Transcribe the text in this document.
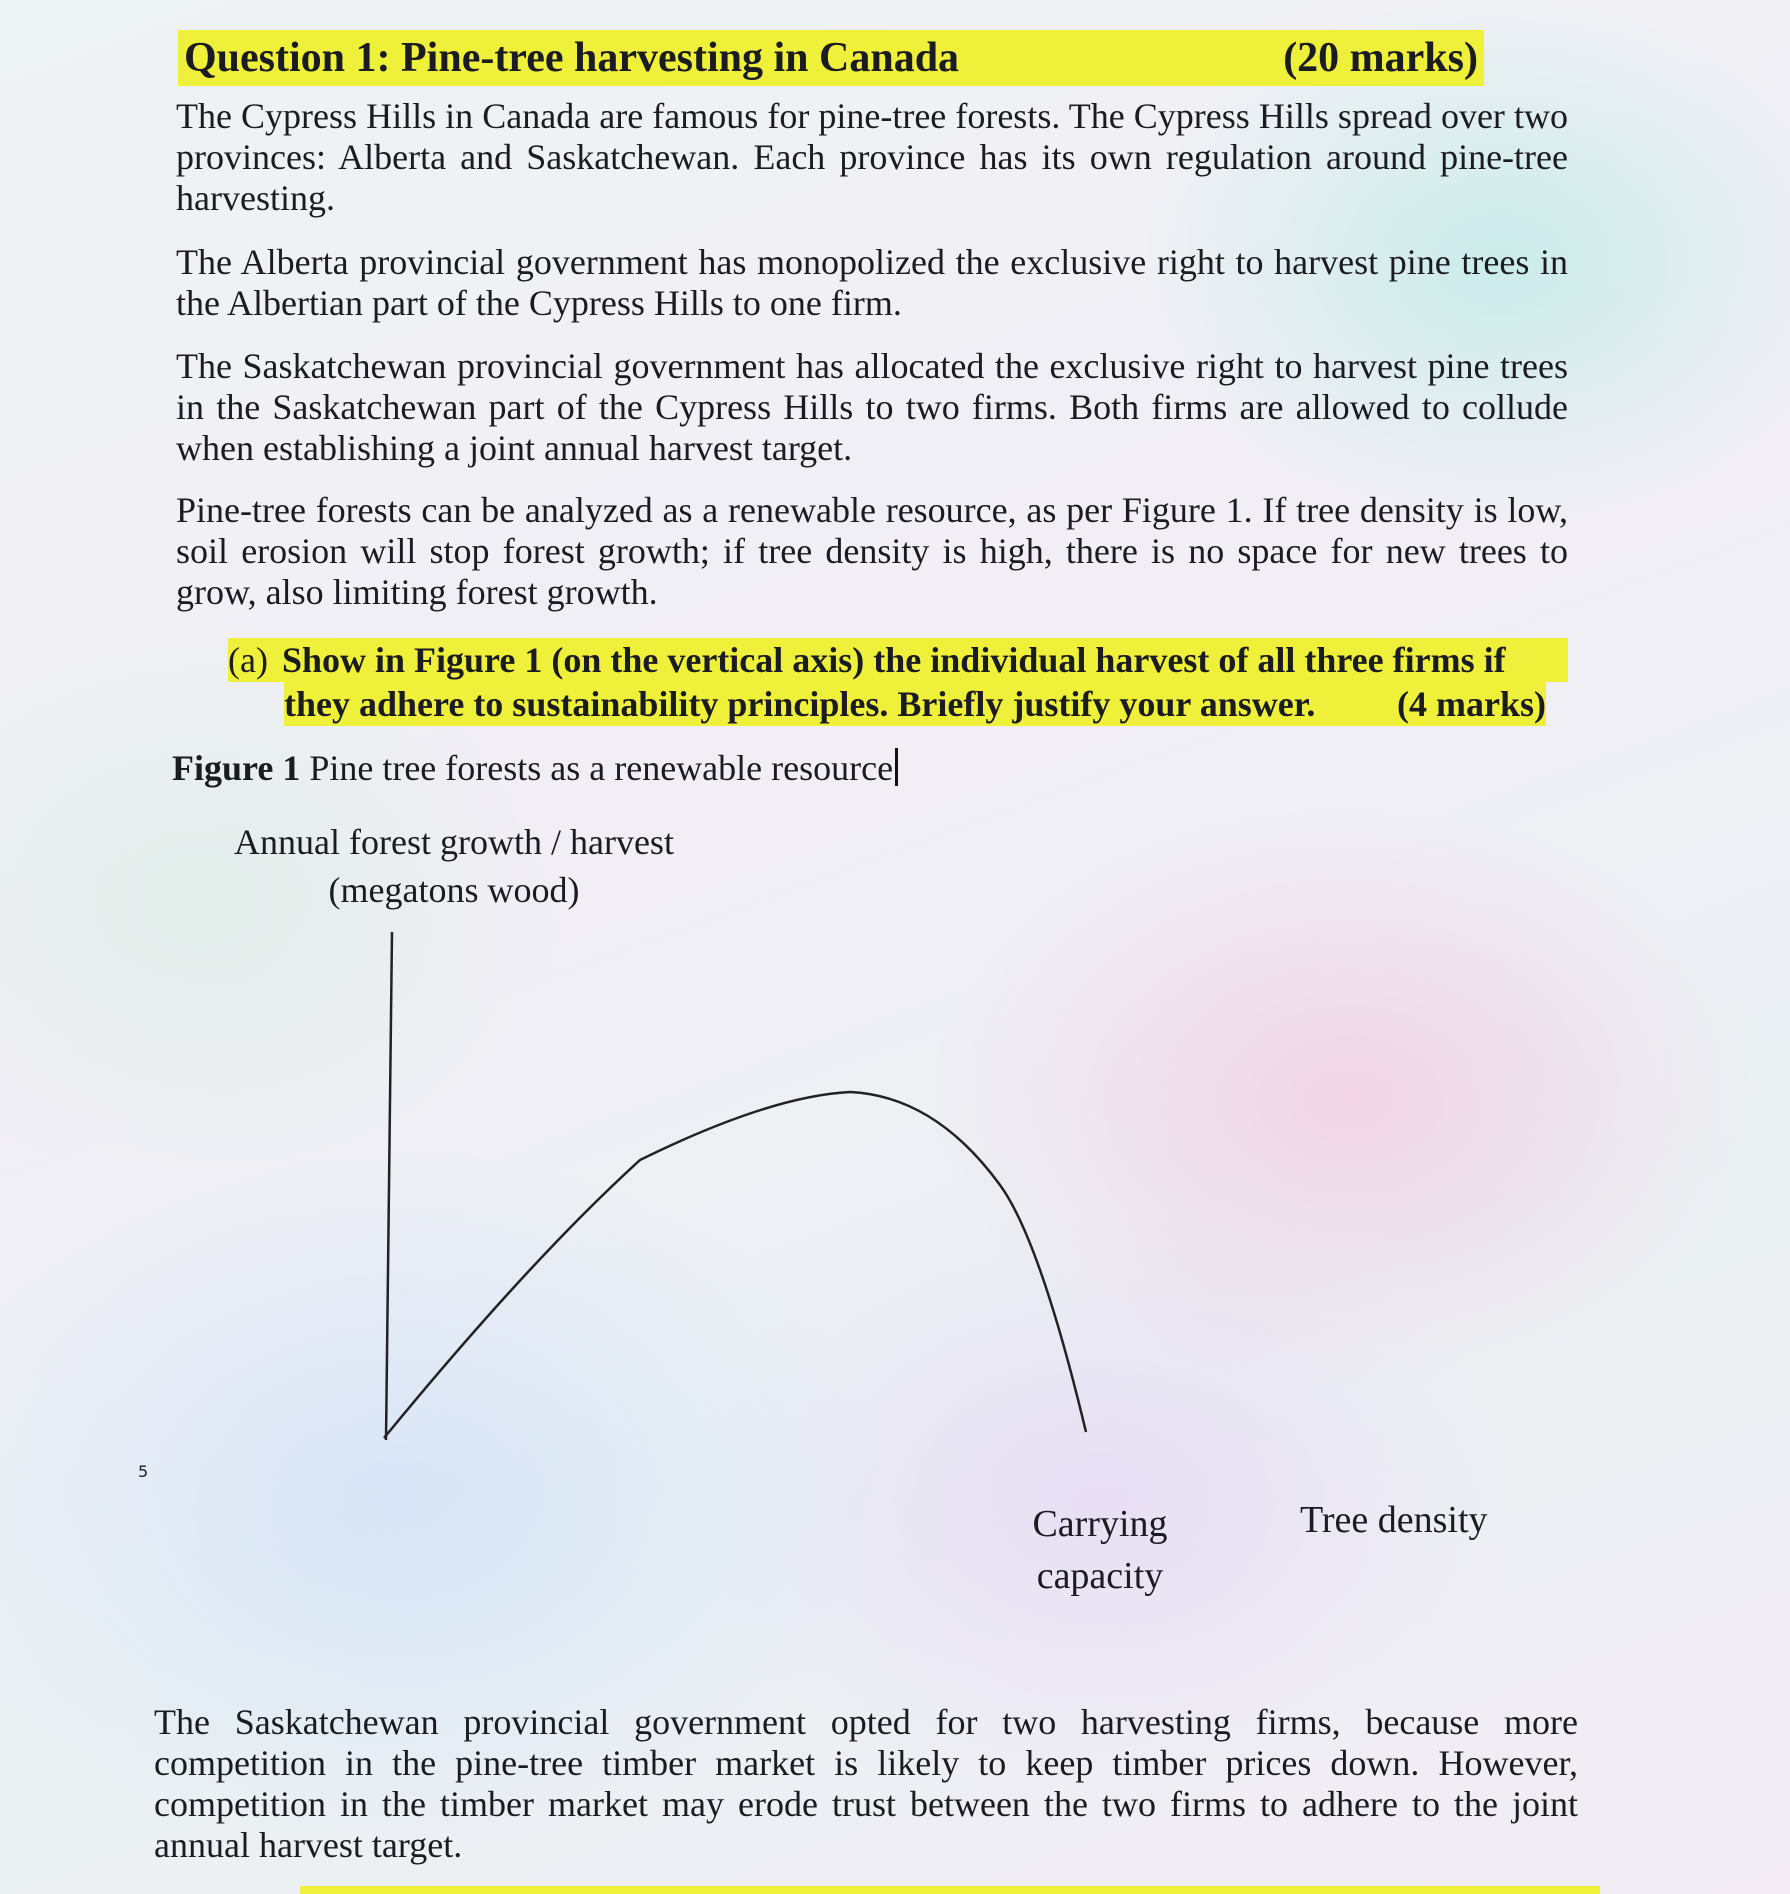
Question 1: Pine-tree harvesting in Canada	(20 marks)
The Cypress Hills in Canada are famous for pine-tree forests. The Cypress Hills spread over two provinces: Alberta and Saskatchewan. Each province has its own regulation around pine-tree harvesting.
The Alberta provincial government has monopolized the exclusive right to harvest pine trees in the Albertian part of the Cypress Hills to one firm.
The Saskatchewan provincial government has allocated the exclusive right to harvest pine trees in the Saskatchewan part of the Cypress Hills to two firms. Both firms are allowed to collude when establishing a joint annual harvest target.
Pine-tree forests can be analyzed as a renewable resource, as per Figure 1. If tree density is low, soil erosion will stop forest growth; if tree density is high, there is no space for new trees to grow, also limiting forest growth.
(a) Show in Figure 1 (on the vertical axis) the individual harvest of all three firms if
they adhere to sustainability principles. Briefly justify your answer. (4 marks)
Figure 1 Pine tree forests as a renewable resource
Annual forest growth / harvest
(megatons wood)
5
Carrying
capacity
Tree density
The Saskatchewan provincial government opted for two harvesting firms, because more competition in the pine-tree timber market is likely to keep timber prices down. However, competition in the timber market may erode trust between the two firms to adhere to the joint annual harvest target.
